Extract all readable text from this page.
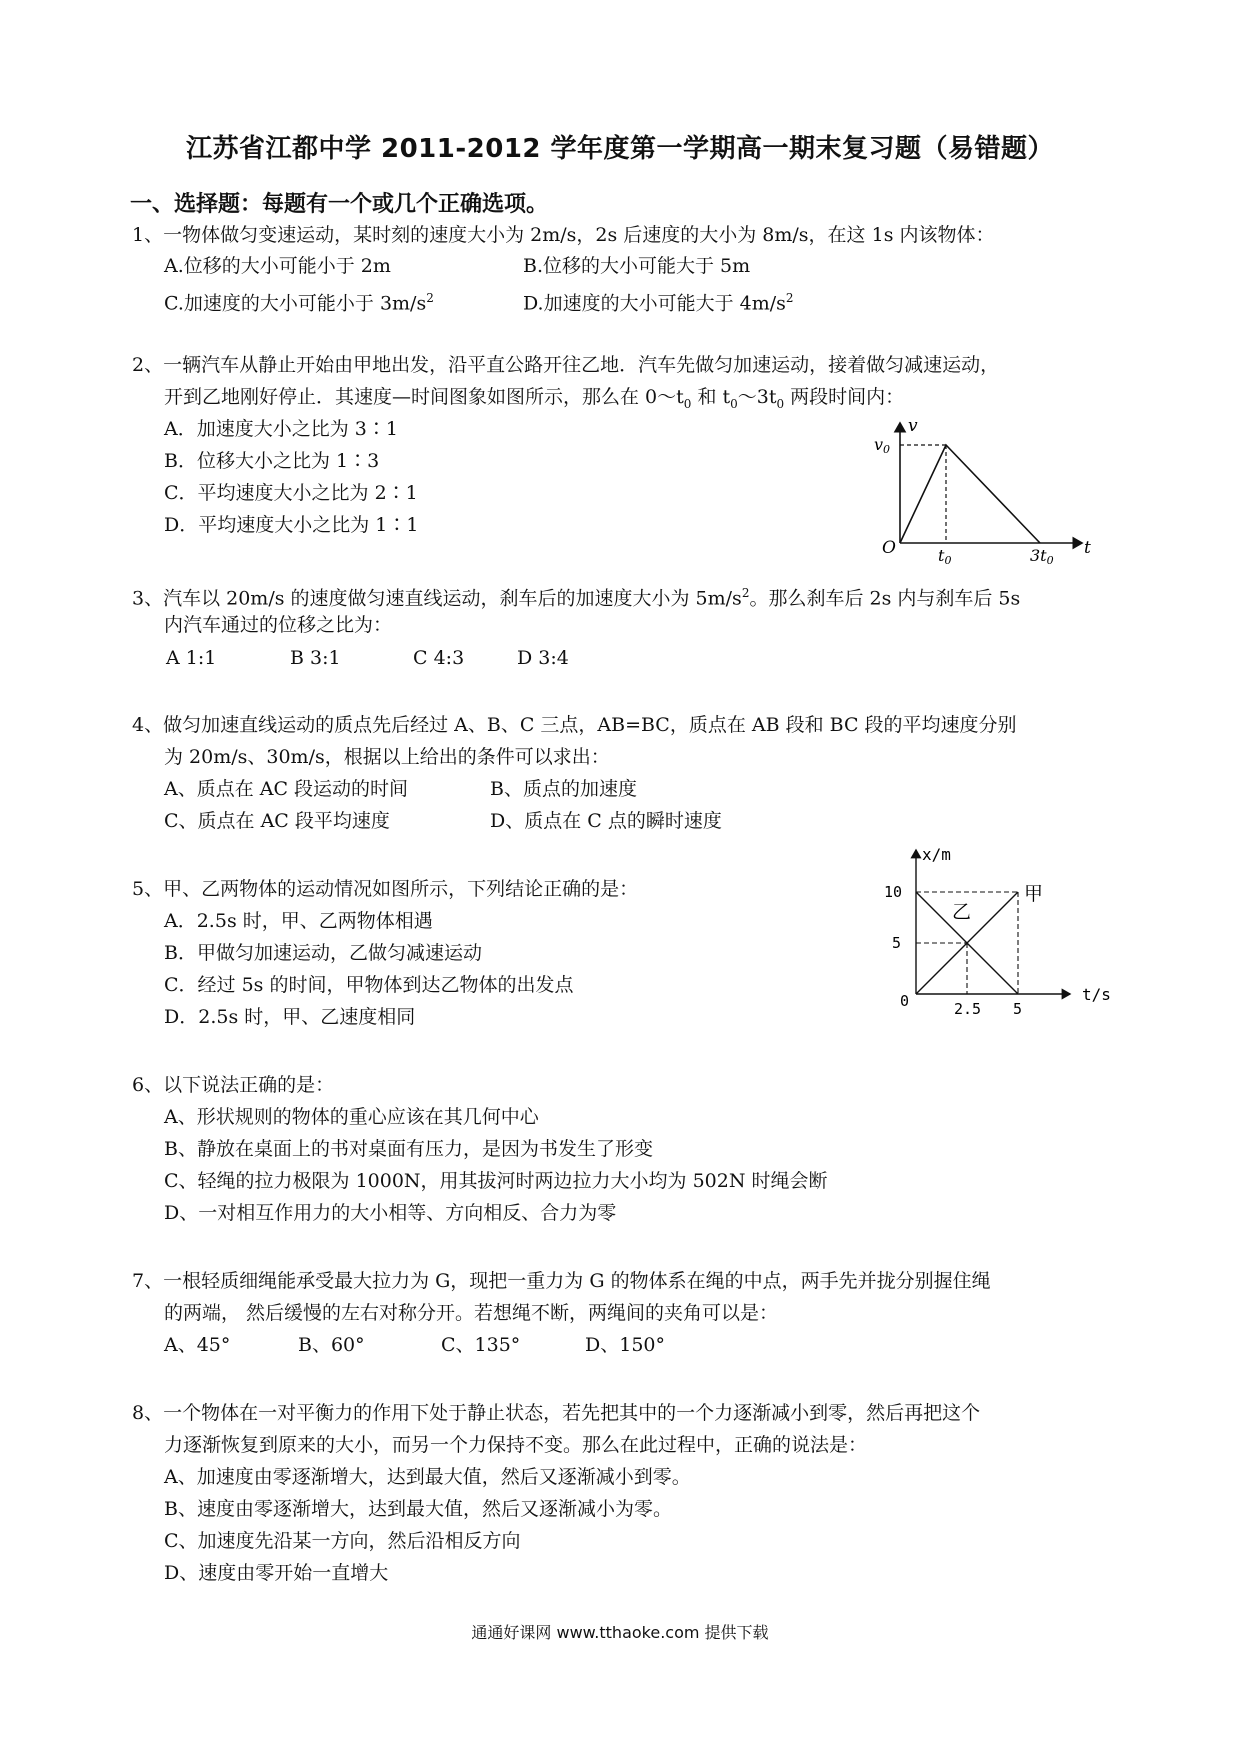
江苏省江都中学 2011-2012 学年度第一学期高一期末复习题（易错题）
一、选择题：每题有一个或几个正确选项。
1、一物体做匀变速运动，某时刻的速度大小为 2m/s，2s 后速度的大小为 8m/s，在这 1s 内该物体：
A.位移的大小可能小于 2m	B.位移的大小可能大于 5m
C.加速度的大小可能小于 $3m/s^2$	D.加速度的大小可能大于 $4m/s^2$
2、一辆汽车从静止开始由甲地出发，沿平直公路开往乙地．汽车先做匀加速运动，接着做匀减速运动，
开到乙地刚好停止．其速度—时间图象如图所示，那么在 $0\sim t_0$ 和 $t_0\sim 3t_0$ 两段时间内：
A．加速度大小之比为 3∶1
B．位移大小之比为 1∶3
C．平均速度大小之比为 2∶1
D．平均速度大小之比为 1∶1
v
t
O
v0
t0	3t0
3、汽车以 20m/s 的速度做匀速直线运动，刹车后的加速度大小为 $5m/s^2$。那么刹车后 2s 内与刹车后 5s
内汽车通过的位移之比为：
A 1:1	B 3:1	C 4:3	D 3:4
4、做匀加速直线运动的质点先后经过 A、B、C 三点，AB=BC，质点在 AB 段和 BC 段的平均速度分别
为 20m/s、30m/s，根据以上给出的条件可以求出：
A、质点在 AC 段运动的时间	B、质点的加速度
C、质点在 AC 段平均速度	D、质点在 C 点的瞬时速度
5、甲、乙两物体的运动情况如图所示，下列结论正确的是：
A．2.5s 时，甲、乙两物体相遇
B．甲做匀加速运动，乙做匀减速运动
C．经过 5s 的时间，甲物体到达乙物体的出发点
D．2.5s 时，甲、乙速度相同
x/m
t/s
10
5
0	2.5 5
甲
乙
6、以下说法正确的是：
A、形状规则的物体的重心应该在其几何中心
B、静放在桌面上的书对桌面有压力，是因为书发生了形变
C、轻绳的拉力极限为 1000N，用其拔河时两边拉力大小均为 502N 时绳会断
D、一对相互作用力的大小相等、方向相反、合力为零
7、一根轻质细绳能承受最大拉力为 G，现把一重力为 G 的物体系在绳的中点，两手先并拢分别握住绳
的两端， 然后缓慢的左右对称分开。若想绳不断，两绳间的夹角可以是：
A、45°	B、60°	C、135°	D、150°
8、一个物体在一对平衡力的作用下处于静止状态，若先把其中的一个力逐渐减小到零，然后再把这个
力逐渐恢复到原来的大小，而另一个力保持不变。那么在此过程中，正确的说法是：
A、加速度由零逐渐增大，达到最大值，然后又逐渐减小到零。
B、速度由零逐渐增大，达到最大值，然后又逐渐减小为零。
C、加速度先沿某一方向，然后沿相反方向
D、速度由零开始一直增大
通通好课网 www.tthaoke.com 提供下载
